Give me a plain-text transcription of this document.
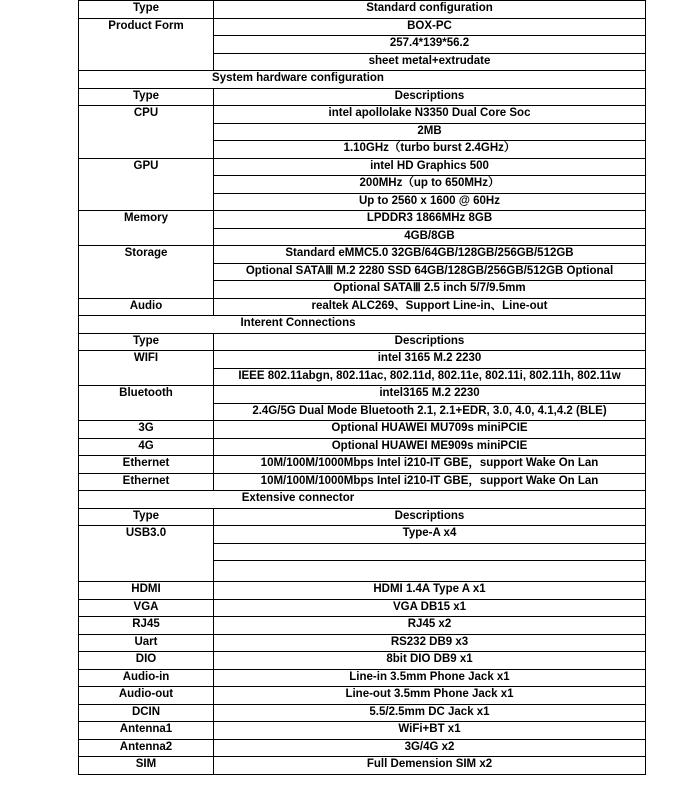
Type	Standard configuration
Product Form	BOX-PC
	257.4*139*56.2
	sheet metal+extrudate
System hardware configuration	
Type	Descriptions
CPU	intel apollolake N3350 Dual Core Soc
	2MB
	1.10GHz（turbo burst 2.4GHz）
GPU	intel HD Graphics 500
	200MHz（up to 650MHz）
	Up to 2560 x 1600 @ 60Hz
Memory	LPDDR3 1866MHz 8GB
	4GB/8GB
Storage	Standard eMMC5.0 32GB/64GB/128GB/256GB/512GB
	Optional SATAⅢ M.2 2280 SSD 64GB/128GB/256GB/512GB Optional
	Optional SATAⅢ 2.5 inch 5/7/9.5mm
Audio	realtek ALC269、Support Line-in、Line-out
Interent Connections	
Type	Descriptions
WIFI	intel 3165 M.2 2230
	IEEE 802.11abgn, 802.11ac, 802.11d, 802.11e, 802.11i, 802.11h, 802.11w
Bluetooth	intel3165 M.2 2230
	2.4G/5G Dual Mode Bluetooth 2.1, 2.1+EDR, 3.0, 4.0, 4.1,4.2 (BLE)
3G	Optional HUAWEI MU709s miniPCIE
4G	Optional HUAWEI ME909s miniPCIE
Ethernet	10M/100M/1000Mbps Intel i210-IT GBE，support Wake On Lan
Ethernet	10M/100M/1000Mbps Intel i210-IT GBE，support Wake On Lan
Extensive connector	
Type	Descriptions
USB3.0	Type-A x4

HDMI	HDMI 1.4A Type A x1
VGA	VGA DB15 x1
RJ45	RJ45 x2
Uart	RS232 DB9 x3
DIO	8bit DIO DB9 x1
Audio-in	Line-in 3.5mm Phone Jack x1
Audio-out	Line-out 3.5mm Phone Jack x1
DCIN	5.5/2.5mm DC Jack x1
Antenna1	WiFi+BT x1
Antenna2	3G/4G x2
SIM	Full Demension SIM x2
